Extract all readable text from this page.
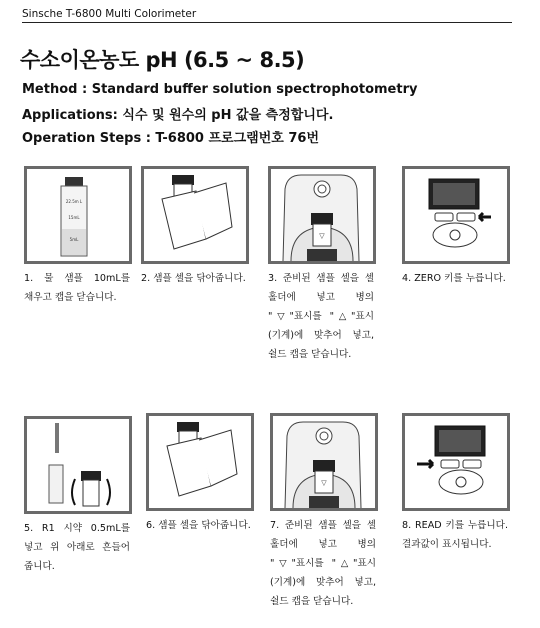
Sinsche T-6800 Multi Colorimeter
수소이온농도 pH (6.5 ~ 8.5)
Method : Standard buffer solution spectrophotometry
Applications: 식수 및 원수의 pH 값을 측정합니다.
Operation Steps : T-6800 프로그램번호 76번
22.5m L
15mL
5mL
1. 물 샘플 10mL를 채우고 캡을 닫습니다.
2. 샘플 셀을 닦아줍니다.
▽
3. 준비된 샘플 셀을 셀 홀더에 넣고 병의 "▽"표시를 "△"표시(기계)에 맞추어 넣고, 쉴드 캡을 닫습니다.
4. ZERO 키를 누릅니다.
5. R1 시약 0.5mL를 넣고 위 아래로 흔들어 줍니다.
6. 샘플 셀을 닦아줍니다.
▽
7. 준비된 샘플 셀을 셀 홀더에 넣고 병의 "▽"표시를 "△"표시(기계)에 맞추어 넣고, 쉴드 캡을 닫습니다.
8. READ 키를 누릅니다. 결과값이 표시됩니다.
